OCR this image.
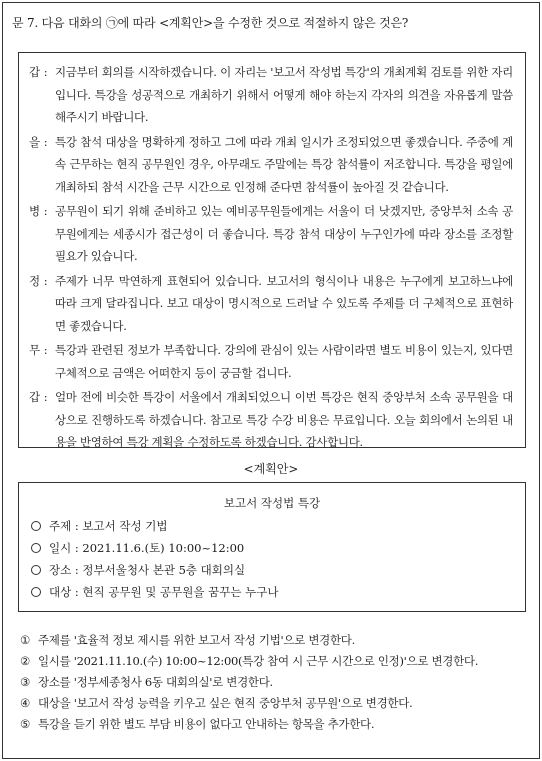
문 7. 다음 대화의 ㉠에 따라 <계획안>을 수정한 것으로 적절하지 않은 것은?
갑 : 지금부터 회의를 시작하겠습니다. 이 자리는 '보고서 작성법 특강'의 개최계획 검토를 위한 자리입니다. 특강을 성공적으로 개최하기 위해서 어떻게 해야 하는지 각자의 의견을 자유롭게 말씀해주시기 바랍니다.
을 : 특강 참석 대상을 명확하게 정하고 그에 따라 개최 일시가 조정되었으면 좋겠습니다. 주중에 계속 근무하는 현직 공무원인 경우, 아무래도 주말에는 특강 참석률이 저조합니다. 특강을 평일에 개최하되 참석 시간을 근무 시간으로 인정해 준다면 참석률이 높아질 것 같습니다.
병 : 공무원이 되기 위해 준비하고 있는 예비공무원들에게는 서울이 더 낫겠지만, 중앙부처 소속 공무원에게는 세종시가 접근성이 더 좋습니다. 특강 참석 대상이 누구인가에 따라 장소를 조정할 필요가 있습니다.
정 : 주제가 너무 막연하게 표현되어 있습니다. 보고서의 형식이나 내용은 누구에게 보고하느냐에 따라 크게 달라집니다. 보고 대상이 명시적으로 드러날 수 있도록 주제를 더 구체적으로 표현하면 좋겠습니다.
무 : 특강과 관련된 정보가 부족합니다. 강의에 관심이 있는 사람이라면 별도 비용이 있는지, 있다면 구체적으로 금액은 어떠한지 등이 궁금할 겁니다.
갑 : 얼마 전에 비슷한 특강이 서울에서 개최되었으니 이번 특강은 현직 중앙부처 소속 공무원을 대상으로 진행하도록 하겠습니다. 참고로 특강 수강 비용은 무료입니다. 오늘 회의에서 논의된 내용을 반영하여 특강 계획을 수정하도록 하겠습니다. 감사합니다.
<계획안>
보고서 작성법 특강
주제 : 보고서 작성 기법
일시 : 2021.11.6.(토) 10:00~12:00
장소 : 정부서울청사 본관 5층 대회의실
대상 : 현직 공무원 및 공무원을 꿈꾸는 누구나
① 주제를 '효율적 정보 제시를 위한 보고서 작성 기법'으로 변경한다.
② 일시를 '2021.11.10.(수) 10:00~12:00(특강 참여 시 근무 시간으로 인정)'으로 변경한다.
③ 장소를 '정부세종청사 6동 대회의실'로 변경한다.
④ 대상을 '보고서 작성 능력을 키우고 싶은 현직 중앙부처 공무원'으로 변경한다.
⑤ 특강을 듣기 위한 별도 부담 비용이 없다고 안내하는 항목을 추가한다.
